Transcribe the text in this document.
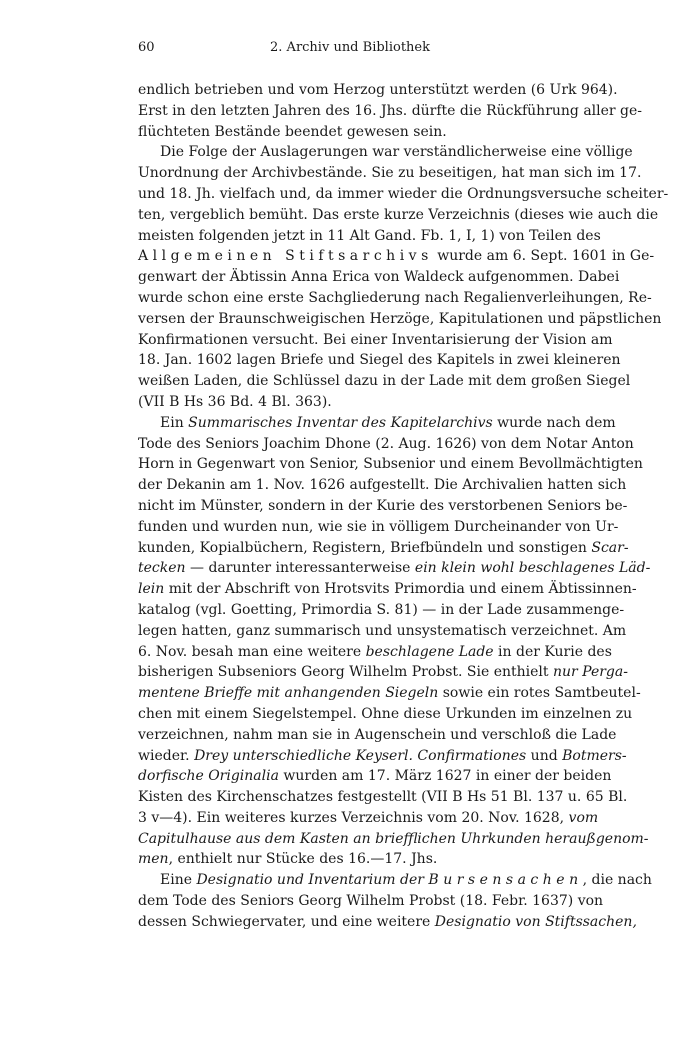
60	2. Archiv und Bibliothek
endlich betrieben und vom Herzog unterstützt werden (6 Urk 964).
Erst in den letzten Jahren des 16. Jhs. dürfte die Rückführung aller ge-
flüchteten Bestände beendet gewesen sein.
Die Folge der Auslagerungen war verständlicherweise eine völlige
Unordnung der Archivbestände. Sie zu beseitigen, hat man sich im 17.
und 18. Jh. vielfach und, da immer wieder die Ordnungsversuche scheiter-
ten, vergeblich bemüht. Das erste kurze Verzeichnis (dieses wie auch die
meisten folgenden jetzt in 11 Alt Gand. Fb. 1, I, 1) von Teilen des
Allgemeinen Stiftsarchivs wurde am 6. Sept. 1601 in Ge-
genwart der Äbtissin Anna Erica von Waldeck aufgenommen. Dabei
wurde schon eine erste Sachgliederung nach Regalienverleihungen, Re-
versen der Braunschweigischen Herzöge, Kapitulationen und päpstlichen
Konfirmationen versucht. Bei einer Inventarisierung der Vision am
18. Jan. 1602 lagen Briefe und Siegel des Kapitels in zwei kleineren
weißen Laden, die Schlüssel dazu in der Lade mit dem großen Siegel
(VII B Hs 36 Bd. 4 Bl. 363).
Ein Summarisches Inventar des Kapitelarchivs wurde nach dem
Tode des Seniors Joachim Dhone (2. Aug. 1626) von dem Notar Anton
Horn in Gegenwart von Senior, Subsenior und einem Bevollmächtigten
der Dekanin am 1. Nov. 1626 aufgestellt. Die Archivalien hatten sich
nicht im Münster, sondern in der Kurie des verstorbenen Seniors be-
funden und wurden nun, wie sie in völligem Durcheinander von Ur-
kunden, Kopialbüchern, Registern, Briefbündeln und sonstigen Scar-
tecken — darunter interessanterweise ein klein wohl beschlagenes Läd-
lein mit der Abschrift von Hrotsvits Primordia und einem Äbtissinnen-
katalog (vgl. Goetting, Primordia S. 81) — in der Lade zusammenge-
legen hatten, ganz summarisch und unsystematisch verzeichnet. Am
6. Nov. besah man eine weitere beschlagene Lade in der Kurie des
bisherigen Subseniors Georg Wilhelm Probst. Sie enthielt nur Perga-
mentene Brieffe mit anhangenden Siegeln sowie ein rotes Samtbeutel-
chen mit einem Siegelstempel. Ohne diese Urkunden im einzelnen zu
verzeichnen, nahm man sie in Augenschein und verschloß die Lade
wieder. Drey unterschiedliche Keyserl. Confirmationes und Botmers-
dorfische Originalia wurden am 17. März 1627 in einer der beiden
Kisten des Kirchenschatzes festgestellt (VII B Hs 51 Bl. 137 u. 65 Bl.
3 v—4). Ein weiteres kurzes Verzeichnis vom 20. Nov. 1628, vom
Capitulhause aus dem Kasten an briefflichen Uhrkunden heraußgenom-
men, enthielt nur Stücke des 16.—17. Jhs.
Eine Designatio und Inventarium der Bursensachen, die nach
dem Tode des Seniors Georg Wilhelm Probst (18. Febr. 1637) von
dessen Schwiegervater, und eine weitere Designatio von Stiftssachen,
